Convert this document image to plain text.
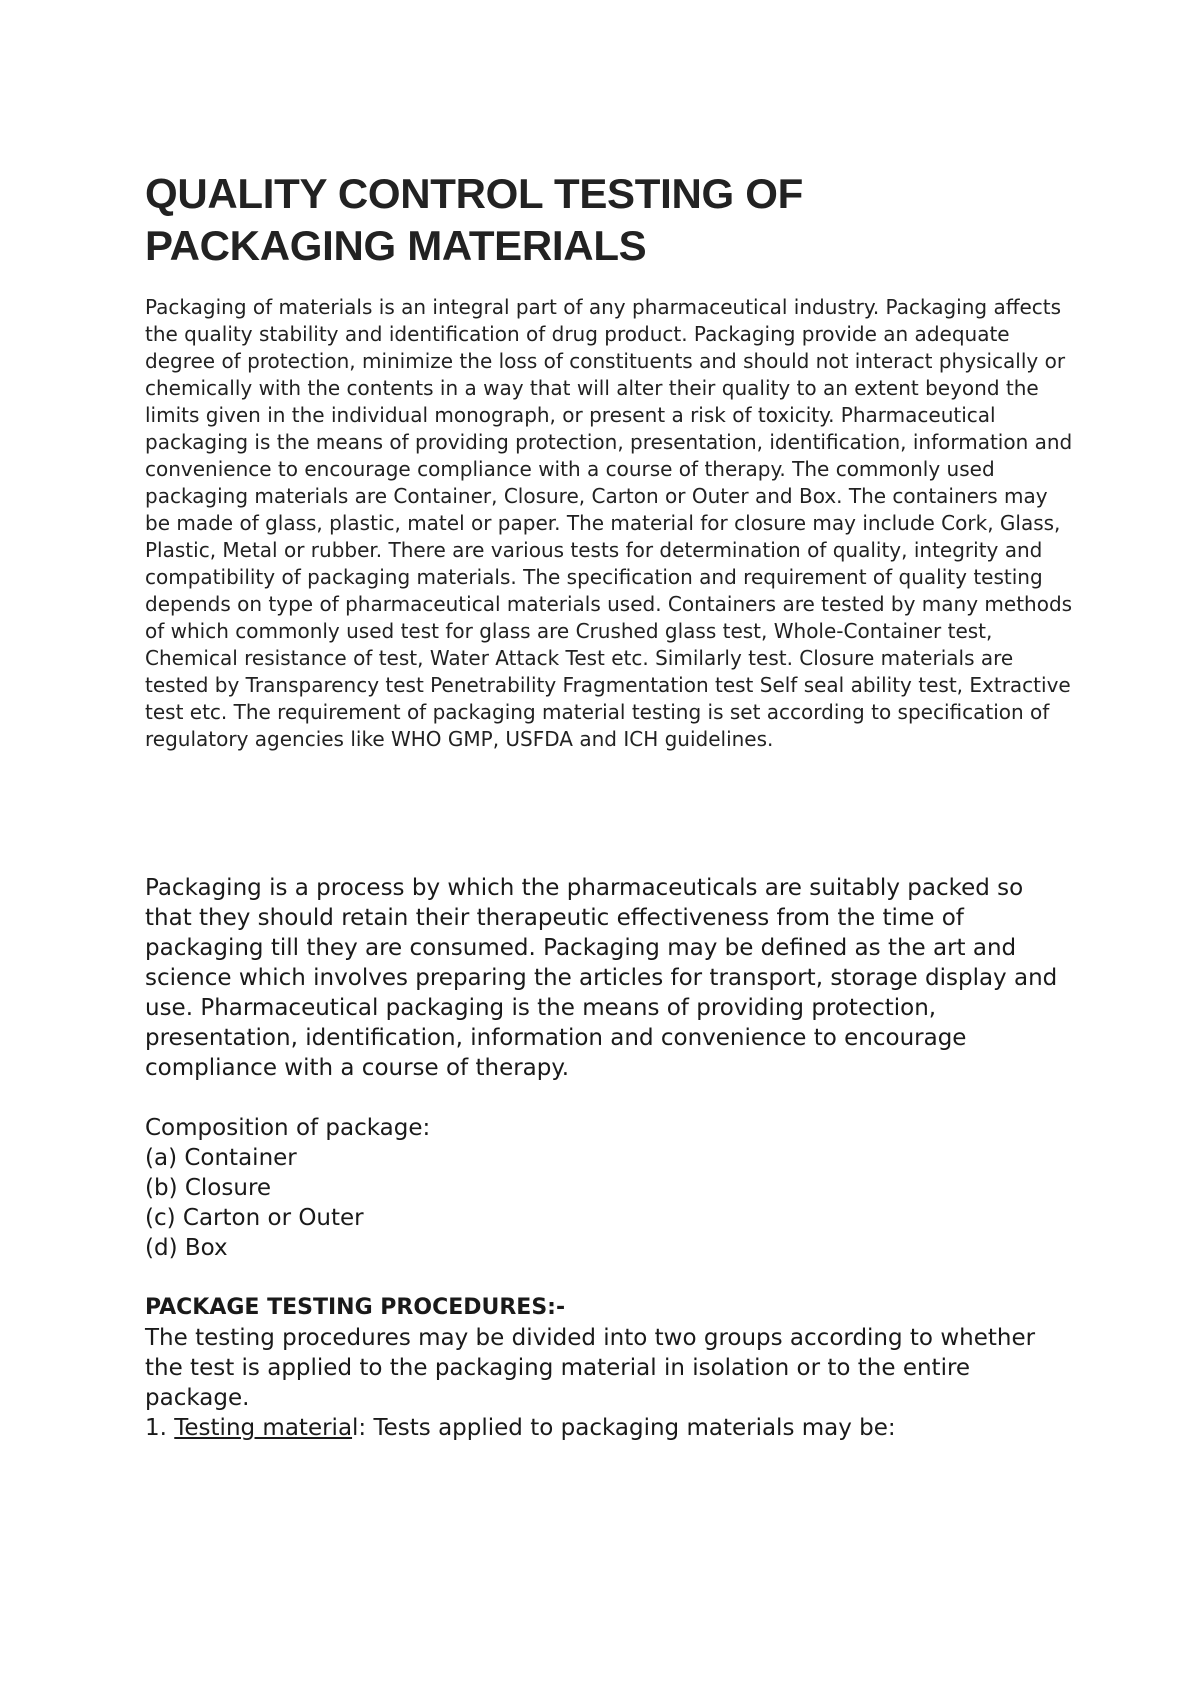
QUALITY CONTROL TESTING OF
PACKAGING MATERIALS

Packaging of materials is an integral part of any pharmaceutical industry. Packaging affects the quality stability and identification of drug product. Packaging provide an adequate degree of protection, minimize the loss of constituents and should not interact physically or chemically with the contents in a way that will alter their quality to an extent beyond the limits given in the individual monograph, or present a risk of toxicity. Pharmaceutical packaging is the means of providing protection, presentation, identification, information and convenience to encourage compliance with a course of therapy. The commonly used packaging materials are Container, Closure, Carton or Outer and Box. The containers may be made of glass, plastic, matel or paper. The material for closure may include Cork, Glass, Plastic, Metal or rubber. There are various tests for determination of quality, integrity and compatibility of packaging materials. The specification and requirement of quality testing depends on type of pharmaceutical materials used. Containers are tested by many methods of which commonly used test for glass are Crushed glass test, Whole-Container test, Chemical resistance of test, Water Attack Test etc. Similarly test. Closure materials are tested by Transparency test Penetrability Fragmentation test Self seal ability test, Extractive test etc. The requirement of packaging material testing is set according to specification of regulatory agencies like WHO GMP, USFDA and ICH guidelines.

Packaging is a process by which the pharmaceuticals are suitably packed so that they should retain their therapeutic effectiveness from the time of packaging till they are consumed. Packaging may be defined as the art and science which involves preparing the articles for transport, storage display and use. Pharmaceutical packaging is the means of providing protection, presentation, identification, information and convenience to encourage compliance with a course of therapy.

Composition of package:

(a) Container
(b) Closure
(c) Carton or Outer
(d) Box

PACKAGE TESTING PROCEDURES:-

The testing procedures may be divided into two groups according to whether the test is applied to the packaging material in isolation or to the entire package.

1. Testing material: Tests applied to packaging materials may be:
